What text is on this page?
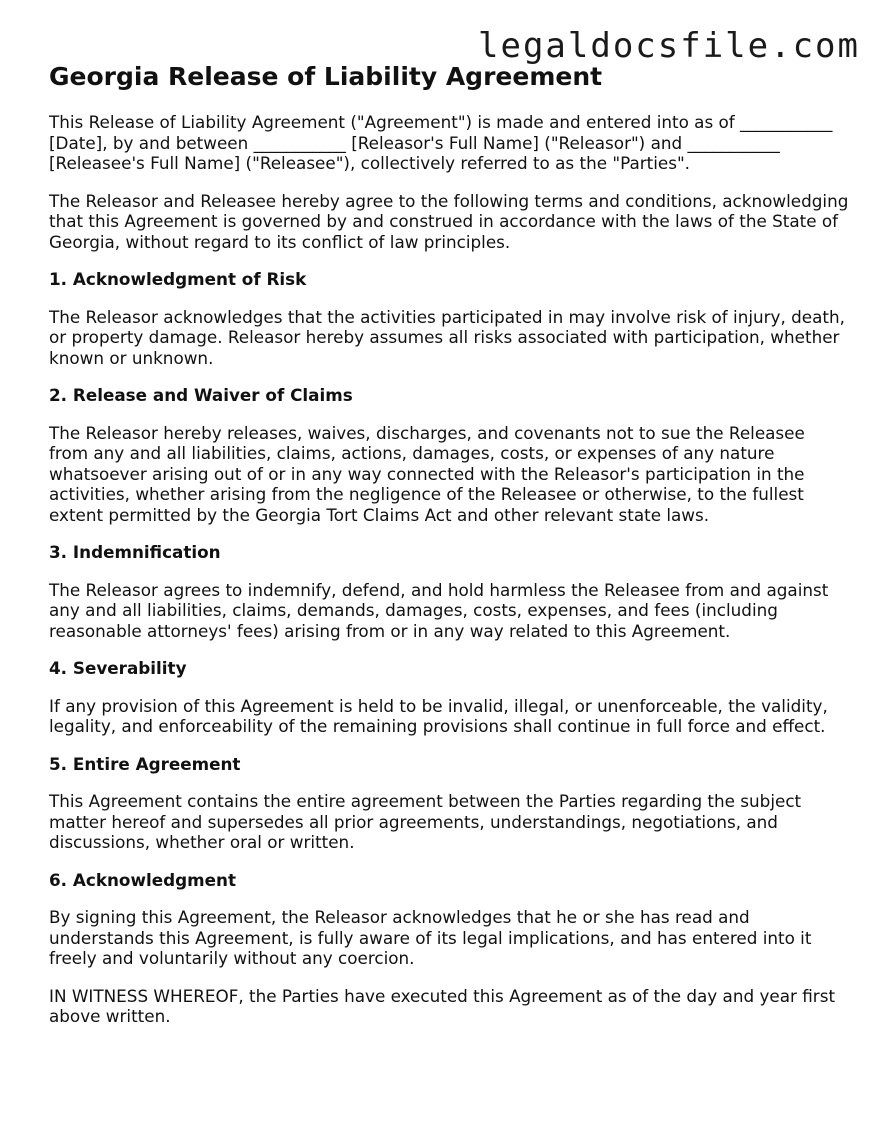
legaldocsfile.com
Georgia Release of Liability Agreement

This Release of Liability Agreement ("Agreement") is made and entered into as of ___________ [Date], by and between ___________ [Releasor's Full Name] ("Releasor") and ___________ [Releasee's Full Name] ("Releasee"), collectively referred to as the "Parties".

The Releasor and Releasee hereby agree to the following terms and conditions, acknowledging that this Agreement is governed by and construed in accordance with the laws of the State of Georgia, without regard to its conflict of law principles.

1. Acknowledgment of Risk

The Releasor acknowledges that the activities participated in may involve risk of injury, death, or property damage. Releasor hereby assumes all risks associated with participation, whether known or unknown.

2. Release and Waiver of Claims

The Releasor hereby releases, waives, discharges, and covenants not to sue the Releasee from any and all liabilities, claims, actions, damages, costs, or expenses of any nature whatsoever arising out of or in any way connected with the Releasor's participation in the activities, whether arising from the negligence of the Releasee or otherwise, to the fullest extent permitted by the Georgia Tort Claims Act and other relevant state laws.

3. Indemnification

The Releasor agrees to indemnify, defend, and hold harmless the Releasee from and against any and all liabilities, claims, demands, damages, costs, expenses, and fees (including reasonable attorneys' fees) arising from or in any way related to this Agreement.

4. Severability

If any provision of this Agreement is held to be invalid, illegal, or unenforceable, the validity, legality, and enforceability of the remaining provisions shall continue in full force and effect.

5. Entire Agreement

This Agreement contains the entire agreement between the Parties regarding the subject matter hereof and supersedes all prior agreements, understandings, negotiations, and discussions, whether oral or written.

6. Acknowledgment

By signing this Agreement, the Releasor acknowledges that he or she has read and understands this Agreement, is fully aware of its legal implications, and has entered into it freely and voluntarily without any coercion.

IN WITNESS WHEREOF, the Parties have executed this Agreement as of the day and year first above written.
